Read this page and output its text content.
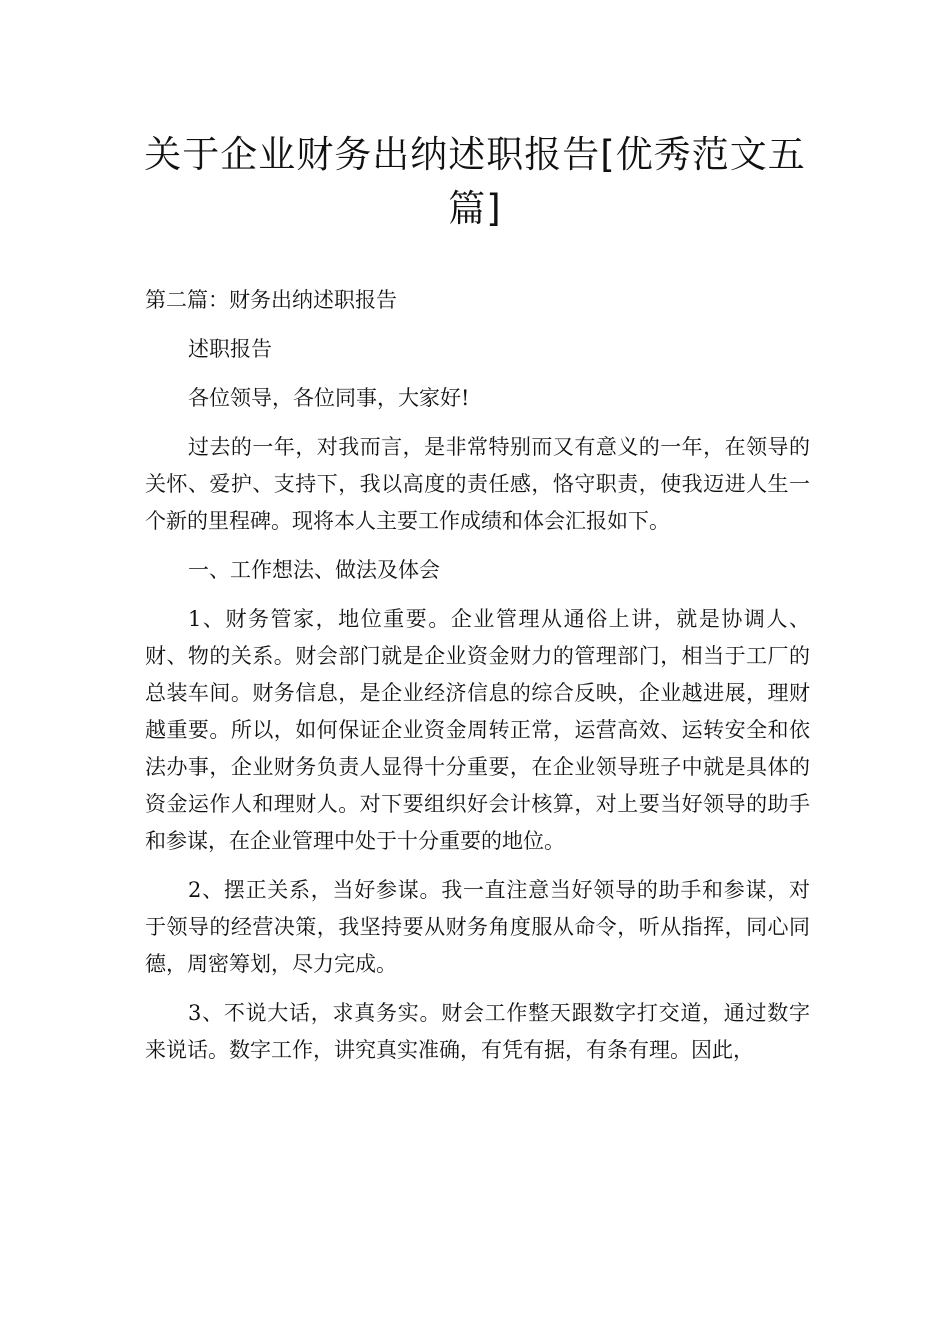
关于企业财务出纳述职报告[优秀范文五篇]

第二篇：财务出纳述职报告

述职报告

各位领导，各位同事，大家好!

过去的一年，对我而言，是非常特别而又有意义的一年，在领导的关怀、爱护、支持下，我以高度的责任感，恪守职责，使我迈进人生一个新的里程碑。现将本人主要工作成绩和体会汇报如下。

一、工作想法、做法及体会

1、财务管家，地位重要。企业管理从通俗上讲，就是协调人、财、物的关系。财会部门就是企业资金财力的管理部门，相当于工厂的总装车间。财务信息，是企业经济信息的综合反映，企业越进展，理财越重要。所以，如何保证企业资金周转正常，运营高效、运转安全和依法办事，企业财务负责人显得十分重要，在企业领导班子中就是具体的资金运作人和理财人。对下要组织好会计核算，对上要当好领导的助手和参谋，在企业管理中处于十分重要的地位。

2、摆正关系，当好参谋。我一直注意当好领导的助手和参谋，对于领导的经营决策，我坚持要从财务角度服从命令，听从指挥，同心同德，周密筹划，尽力完成。

3、不说大话，求真务实。财会工作整天跟数字打交道，通过数字来说话。数字工作，讲究真实准确，有凭有据，有条有理。因此，
